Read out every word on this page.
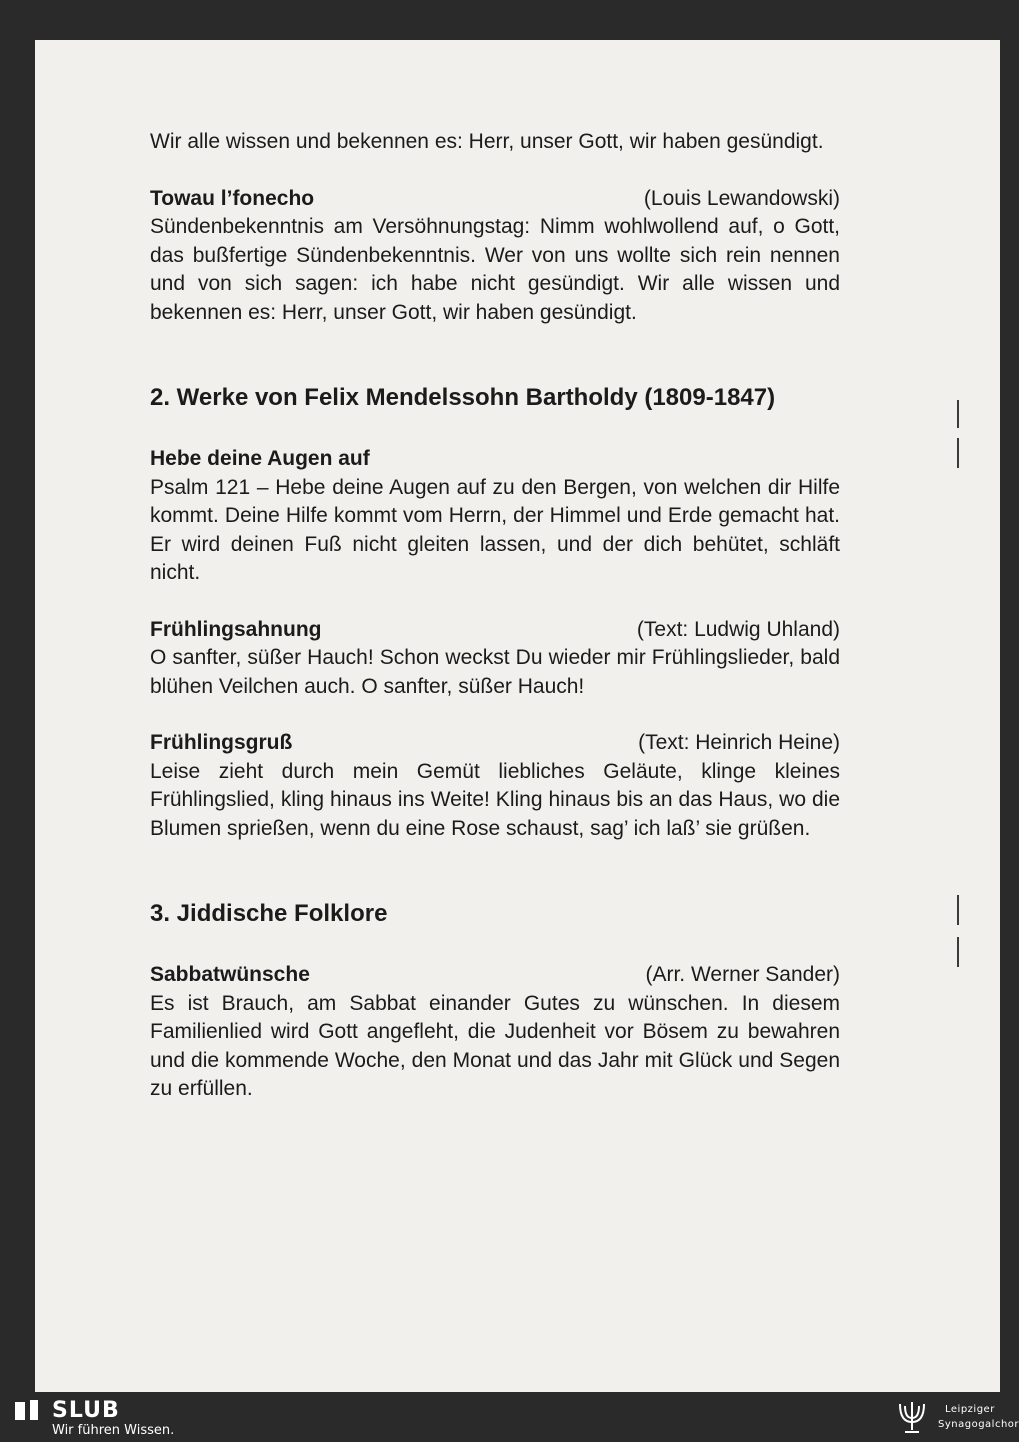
Wir alle wissen und bekennen es: Herr, unser Gott, wir haben gesündigt.

Towau l’fonecho	(Louis Lewandowski)

Sündenbekenntnis am Versöhnungstag: Nimm wohlwollend auf, o Gott, das bußfertige Sündenbekenntnis. Wer von uns wollte sich rein nennen und von sich sagen: ich habe nicht gesündigt. Wir alle wissen und bekennen es: Herr, unser Gott, wir haben gesündigt.

2. Werke von Felix Mendelssohn Bartholdy (1809-1847)
Hebe deine Augen auf

Psalm 121 – Hebe deine Augen auf zu den Bergen, von welchen dir Hilfe kommt. Deine Hilfe kommt vom Herrn, der Himmel und Erde gemacht hat. Er wird deinen Fuß nicht gleiten lassen, und der dich behütet, schläft nicht.

Frühlingsahnung	(Text: Ludwig Uhland)

O sanfter, süßer Hauch! Schon weckst Du wieder mir Frühlingslieder, bald blühen Veilchen auch. O sanfter, süßer Hauch!

Frühlingsgruß	(Text: Heinrich Heine)

Leise zieht durch mein Gemüt liebliches Geläute, klinge kleines Frühlingslied, kling hinaus ins Weite! Kling hinaus bis an das Haus, wo die Blumen sprießen, wenn du eine Rose schaust, sag’ ich laß’ sie grüßen.

3. Jiddische Folklore
Sabbatwünsche	(Arr. Werner Sander)

Es ist Brauch, am Sabbat einander Gutes zu wünschen. In diesem Familienlied wird Gott angefleht, die Judenheit vor Bösem zu bewahren und die kommende Woche, den Monat und das Jahr mit Glück und Segen zu erfüllen.

SLUB
Wir führen Wissen.
Leipziger
Synagogalchor
